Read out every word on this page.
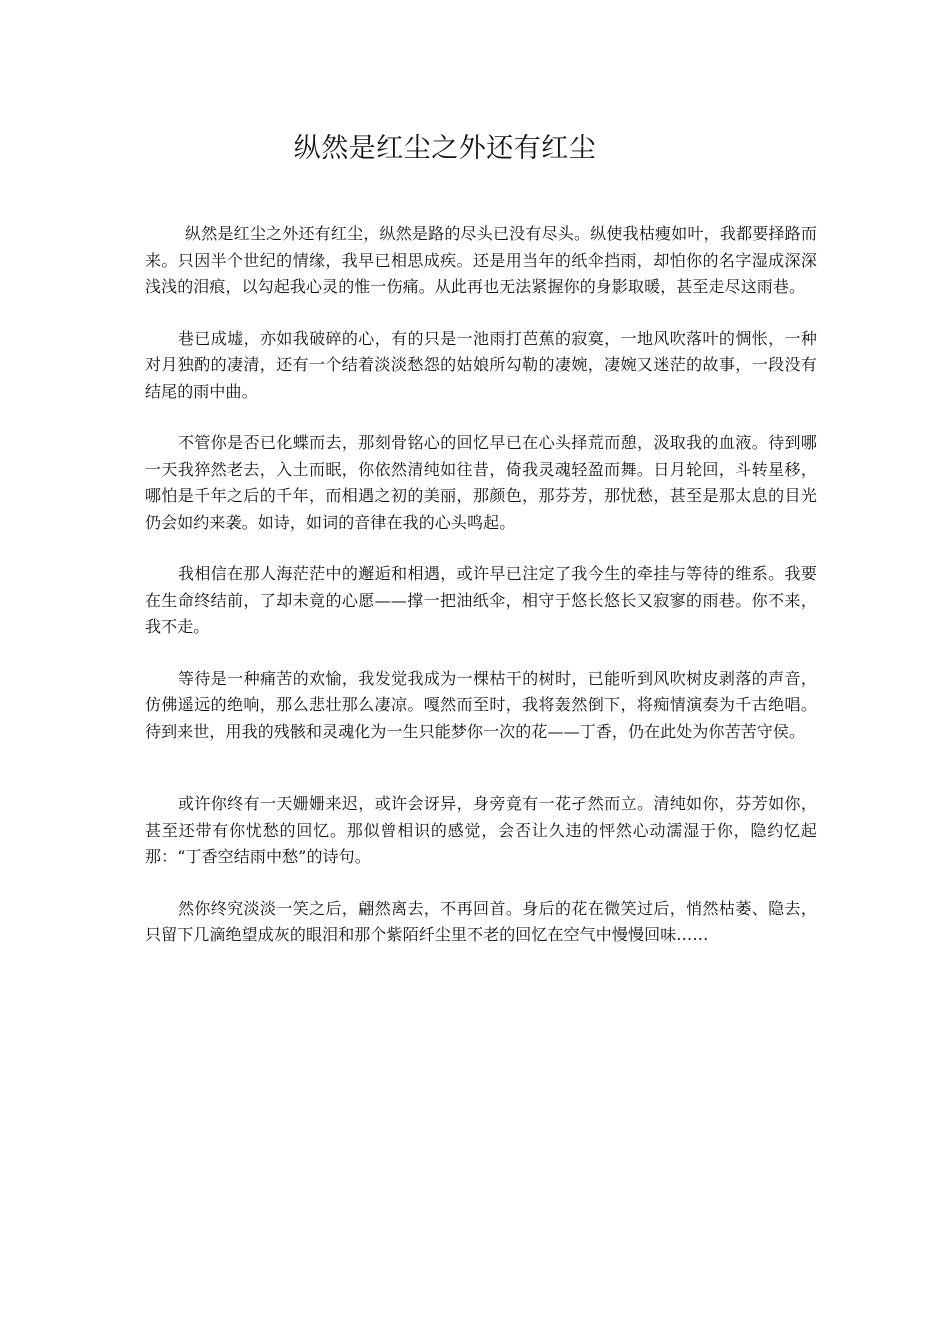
纵然是红尘之外还有红尘

纵然是红尘之外还有红尘，纵然是路的尽头已没有尽头。纵使我枯瘦如叶，我都要择路而来。只因半个世纪的情缘，我早已相思成疾。还是用当年的纸伞挡雨，却怕你的名字湿成深深浅浅的泪痕，以勾起我心灵的惟一伤痛。从此再也无法紧握你的身影取暖，甚至走尽这雨巷。

巷已成墟，亦如我破碎的心，有的只是一池雨打芭蕉的寂寞，一地风吹落叶的惆怅，一种对月独酌的凄清，还有一个结着淡淡愁怨的姑娘所勾勒的凄婉，凄婉又迷茫的故事，一段没有结尾的雨中曲。

不管你是否已化蝶而去，那刻骨铭心的回忆早已在心头择荒而憩，汲取我的血液。待到哪一天我猝然老去，入土而眠，你依然清纯如往昔，倚我灵魂轻盈而舞。日月轮回，斗转星移，哪怕是千年之后的千年，而相遇之初的美丽，那颜色，那芬芳，那忧愁，甚至是那太息的目光仍会如约来袭。如诗，如词的音律在我的心头鸣起。

我相信在那人海茫茫中的邂逅和相遇，或许早已注定了我今生的牵挂与等待的维系。我要在生命终结前，了却未竟的心愿——撑一把油纸伞，相守于悠长悠长又寂寥的雨巷。你不来，我不走。

等待是一种痛苦的欢愉，我发觉我成为一棵枯干的树时，已能听到风吹树皮剥落的声音，仿佛遥远的绝响，那么悲壮那么凄凉。嘎然而至时，我将轰然倒下，将痴情演奏为千古绝唱。待到来世，用我的残骸和灵魂化为一生只能梦你一次的花——丁香，仍在此处为你苦苦守侯。

或许你终有一天姗姗来迟，或许会讶异，身旁竟有一花孑然而立。清纯如你，芬芳如你，甚至还带有你忧愁的回忆。那似曾相识的感觉，会否让久违的怦然心动濡湿于你，隐约忆起那：“丁香空结雨中愁”的诗句。

然你终究淡淡一笑之后，翩然离去，不再回首。身后的花在微笑过后，悄然枯萎、隐去，只留下几滴绝望成灰的眼泪和那个紫陌纤尘里不老的回忆在空气中慢慢回味……
